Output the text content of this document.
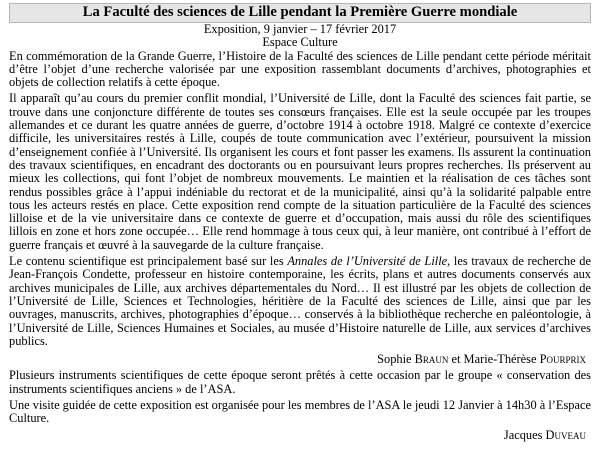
La Faculté des sciences de Lille pendant la Première Guerre mondiale
Exposition, 9 janvier – 17 février 2017
Espace Culture

En commémoration de la Grande Guerre, l’Histoire de la Faculté des sciences de Lille pendant cette période méritait d’être l’objet d’une recherche valorisée par une exposition rassemblant documents d’archives, photographies et objets de collection relatifs à cette époque.

Il apparaît qu’au cours du premier conflit mondial, l’Université de Lille, dont la Faculté des sciences fait partie, se trouve dans une conjoncture différente de toutes ses consœurs françaises. Elle est la seule occupée par les troupes allemandes et ce durant les quatre années de guerre, d’octobre 1914 à octobre 1918. Malgré ce contexte d’exercice difficile, les universitaires restés à Lille, coupés de toute communication avec l’extérieur, poursuivent la mission d’enseignement confiée à l’Université. Ils organisent les cours et font passer les examens. Ils assurent la continuation des travaux scientifiques, en encadrant des doctorants ou en poursuivant leurs propres recherches. Ils préservent au mieux les collections, qui font l’objet de nombreux mouvements. Le maintien et la réalisation de ces tâches sont rendus possibles grâce à l’appui indéniable du rectorat et de la municipalité, ainsi qu’à la solidarité palpable entre tous les acteurs restés en place. Cette exposition rend compte de la situation particulière de la Faculté des sciences lilloise et de la vie universitaire dans ce contexte de guerre et d’occupation, mais aussi du rôle des scientifiques lillois en zone et hors zone occupée… Elle rend hommage à tous ceux qui, à leur manière, ont contribué à l’effort de guerre français et œuvré à la sauvegarde de la culture française.

Le contenu scientifique est principalement basé sur les Annales de l’Université de Lille, les travaux de recherche de Jean-François Condette, professeur en histoire contemporaine, les écrits, plans et autres documents conservés aux archives municipales de Lille, aux archives départementales du Nord… Il est illustré par les objets de collection de l’Université de Lille, Sciences et Technologies, héritière de la Faculté des sciences de Lille, ainsi que par les ouvrages, manuscrits, archives, photographies d’époque… conservés à la bibliothèque recherche en paléontologie, à l’Université de Lille, Sciences Humaines et Sociales, au musée d’Histoire naturelle de Lille, aux services d’archives publics.

Sophie Braun et Marie-Thérèse Pourprix

Plusieurs instruments scientifiques de cette époque seront prêtés à cette occasion par le groupe « conservation des instruments scientifiques anciens » de l’ASA.

Une visite guidée de cette exposition est organisée pour les membres de l’ASA le jeudi 12 Janvier à 14h30 à l’Espace Culture.

Jacques Duveau
